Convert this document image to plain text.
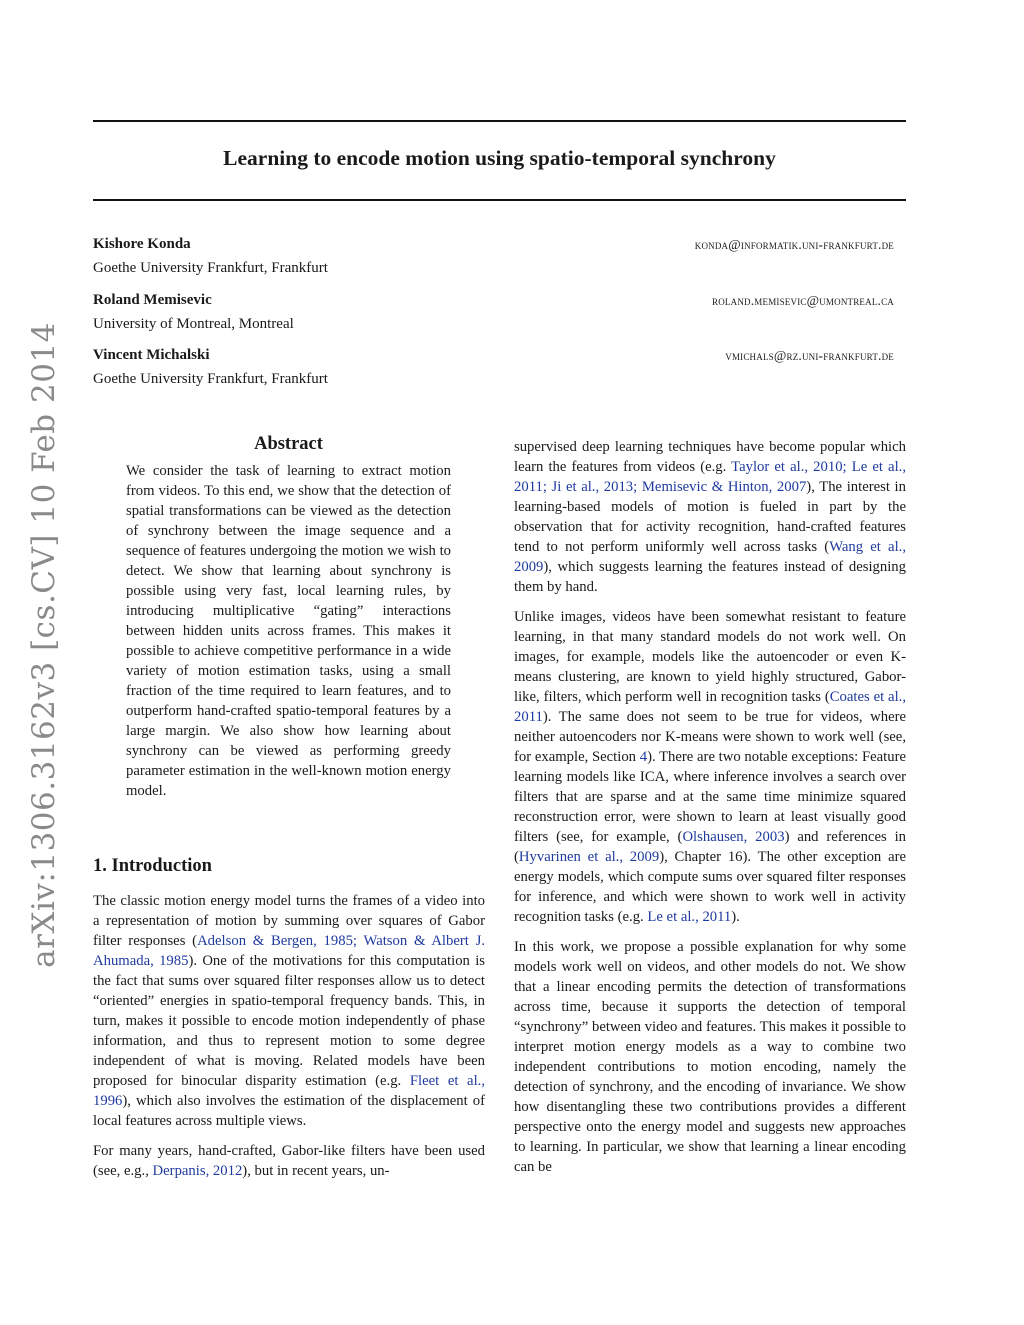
Learning to encode motion using spatio-temporal synchrony
arXiv:1306.3162v3 [cs.CV] 10 Feb 2014
Kishore Konda	konda@informatik.uni-frankfurt.de
Goethe University Frankfurt, Frankfurt
Roland Memisevic	roland.memisevic@umontreal.ca
University of Montreal, Montreal
Vincent Michalski	vmichals@rz.uni-frankfurt.de
Goethe University Frankfurt, Frankfurt
Abstract
We consider the task of learning to extract motion from videos. To this end, we show that the detection of spatial transformations can be viewed as the detection of synchrony between the image sequence and a sequence of features undergoing the motion we wish to detect. We show that learning about synchrony is possible using very fast, local learning rules, by introducing multiplicative “gating” interactions between hidden units across frames. This makes it possible to achieve competitive performance in a wide variety of motion estimation tasks, using a small fraction of the time required to learn features, and to outperform hand-crafted spatio-temporal features by a large margin. We also show how learning about synchrony can be viewed as performing greedy parameter estimation in the well-known motion energy model.
1. Introduction

The classic motion energy model turns the frames of a video into a representation of motion by summing over squares of Gabor filter responses (Adelson & Bergen, 1985; Watson & Albert J. Ahumada, 1985). One of the motivations for this computation is the fact that sums over squared filter responses allow us to detect “oriented” energies in spatio-temporal frequency bands. This, in turn, makes it possible to encode motion independently of phase information, and thus to represent motion to some degree independent of what is moving. Related models have been proposed for binocular disparity estimation (e.g. Fleet et al., 1996), which also involves the estimation of the displacement of local features across multiple views.

For many years, hand-crafted, Gabor-like filters have been used (see, e.g., Derpanis, 2012), but in recent years, un-

supervised deep learning techniques have become popular which learn the features from videos (e.g. Taylor et al., 2010; Le et al., 2011; Ji et al., 2013; Memisevic & Hinton, 2007), The interest in learning-based models of motion is fueled in part by the observation that for activity recognition, hand-crafted features tend to not perform uniformly well across tasks (Wang et al., 2009), which suggests learning the features instead of designing them by hand.

Unlike images, videos have been somewhat resistant to feature learning, in that many standard models do not work well. On images, for example, models like the autoencoder or even K-means clustering, are known to yield highly structured, Gabor-like, filters, which perform well in recognition tasks (Coates et al., 2011). The same does not seem to be true for videos, where neither autoencoders nor K-means were shown to work well (see, for example, Section 4). There are two notable exceptions: Feature learning models like ICA, where inference involves a search over filters that are sparse and at the same time minimize squared reconstruction error, were shown to learn at least visually good filters (see, for example, (Olshausen, 2003) and references in (Hyvarinen et al., 2009), Chapter 16). The other exception are energy models, which compute sums over squared filter responses for inference, and which were shown to work well in activity recognition tasks (e.g. Le et al., 2011).

In this work, we propose a possible explanation for why some models work well on videos, and other models do not. We show that a linear encoding permits the detection of transformations across time, because it supports the detection of temporal “synchrony” between video and features. This makes it possible to interpret motion energy models as a way to combine two independent contributions to motion encoding, namely the detection of synchrony, and the encoding of invariance. We show how disentangling these two contributions provides a different perspective onto the energy model and suggests new approaches to learning. In particular, we show that learning a linear encoding can be
